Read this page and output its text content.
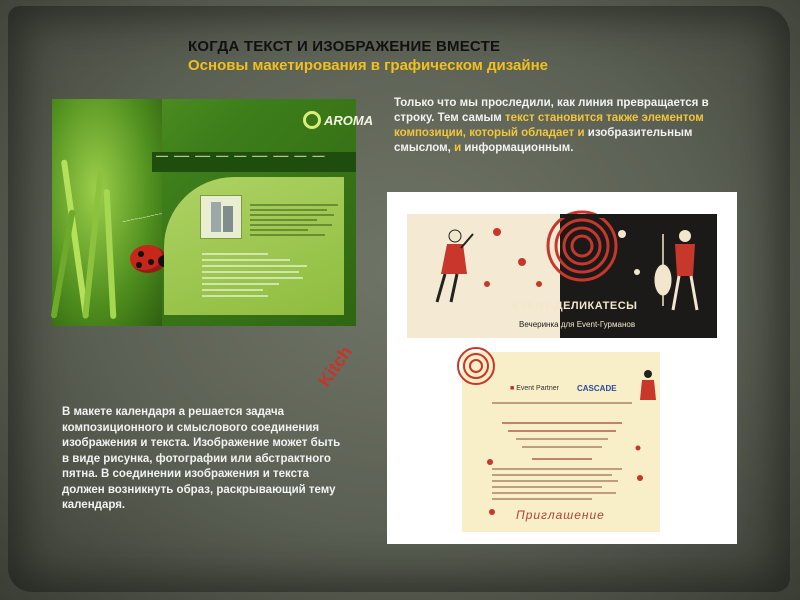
КОГДА ТЕКСТ И ИЗОБРАЖЕНИЕ ВМЕСТЕ
Основы макетирования в графическом дизайне
~~~~~~~~~~
AROMA
━━━━ ━━━━━ ━━━━━ ━━━━ ━━━━ ━━━━━ ━━━━━ ━━━━ ━━━━
Kitch
Только что мы проследили, как линия превращается в строку. Тем самым текст становится также элементом композиции, который обладает и изобразительным смыслом, и информационным.
В макете календаря а решается задача композиционного и смыслового соединения изображения и текста. Изображение может быть в виде рисунка, фотографии или абстрактного пятна. В соединении изображения и текста должен возникнуть образ, раскрывающий тему календаря.
EVENT-ДЕЛИКАТЕСЫ
Вечеринка для Event-Гурманов
■ Event Partner CASCADE
Приглашение
